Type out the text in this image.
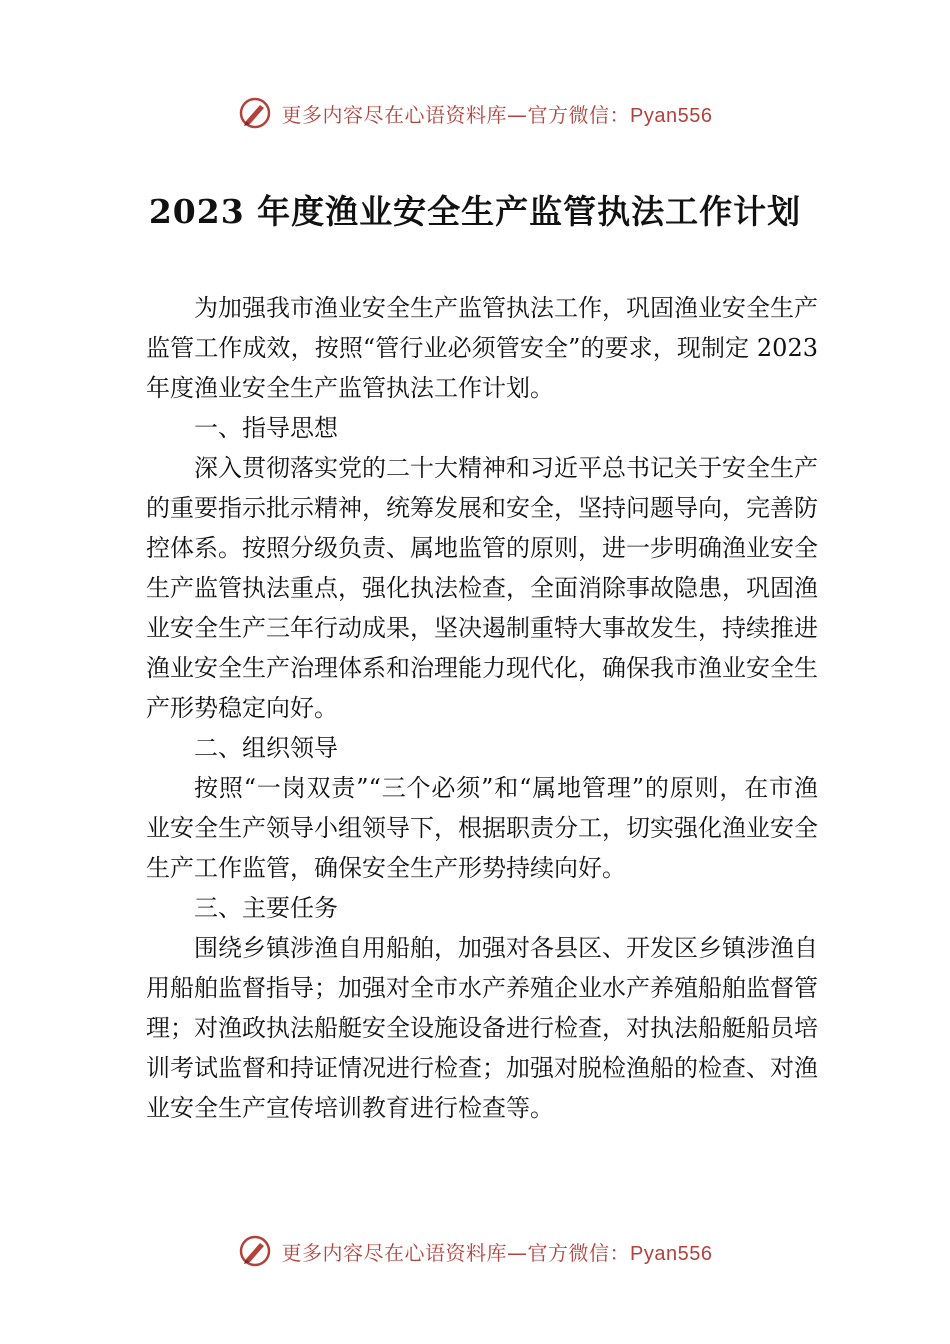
更多内容尽在心语资料库—官方微信：Pyan556
2023 年度渔业安全生产监管执法工作计划

为加强我市渔业安全生产监管执法工作，巩固渔业安全生产监管工作成效，按照“管行业必须管安全”的要求，现制定 2023 年度渔业安全生产监管执法工作计划。

一、指导思想

深入贯彻落实党的二十大精神和习近平总书记关于安全生产的重要指示批示精神，统筹发展和安全，坚持问题导向，完善防控体系。按照分级负责、属地监管的原则，进一步明确渔业安全生产监管执法重点，强化执法检查，全面消除事故隐患，巩固渔业安全生产三年行动成果，坚决遏制重特大事故发生，持续推进渔业安全生产治理体系和治理能力现代化，确保我市渔业安全生产形势稳定向好。

二、组织领导

按照“一岗双责”“三个必须”和“属地管理”的原则，在市渔业安全生产领导小组领导下，根据职责分工，切实强化渔业安全生产工作监管，确保安全生产形势持续向好。

三、主要任务

围绕乡镇涉渔自用船舶，加强对各县区、开发区乡镇涉渔自用船舶监督指导；加强对全市水产养殖企业水产养殖船舶监督管理；对渔政执法船艇安全设施设备进行检查，对执法船艇船员培训考试监督和持证情况进行检查；加强对脱检渔船的检查、对渔业安全生产宣传培训教育进行检查等。

更多内容尽在心语资料库—官方微信：Pyan556
